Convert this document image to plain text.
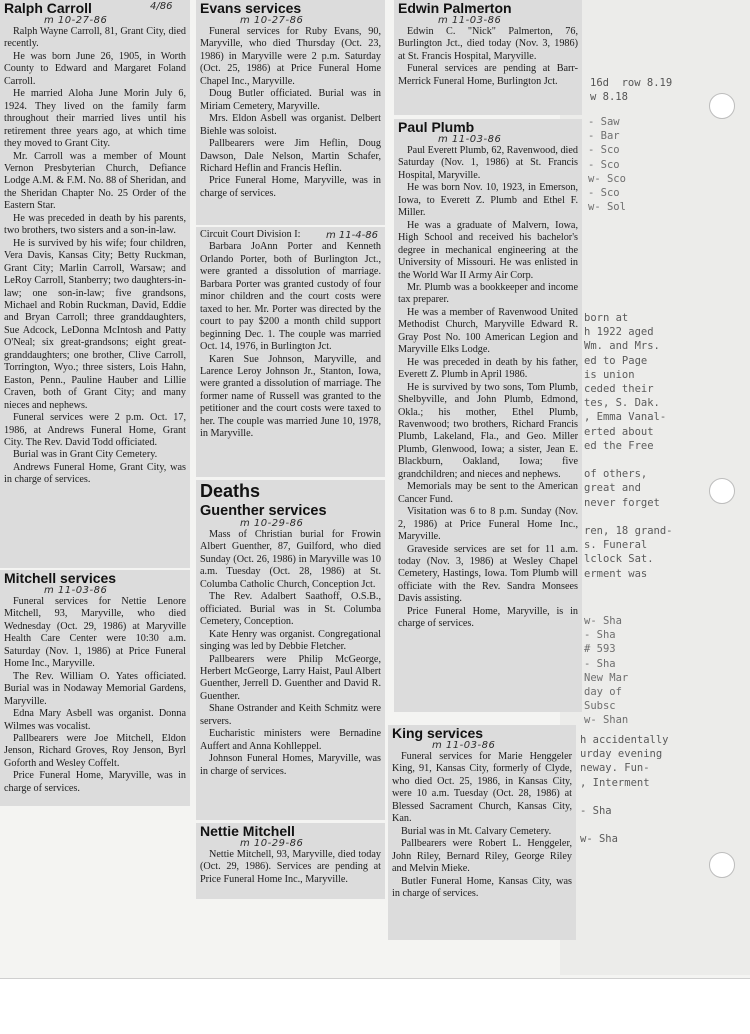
- Saw
- Bar
- Sco
- Sco
w- Sco
- Sco
w- Sol
born at
h 1922 aged
Wm. and Mrs.
ed to Page
is union
ceded their
tes, S. Dak.
, Emma Vanal-
erted about
ed the Free

of others,
great and
never forget

ren, 18 grand-
s. Funeral
lclock Sat.
erment was
w- Sha
- Sha
# 593
- Sha
New Mar
day of
Subsc
w- Shan
h accidentally
urday evening
neway. Fun-
, Interment

- Sha

w- Sha
16d  row 8.19
w 8.18
Ralph Carroll	4/86
m 10-27-86

Ralph Wayne Carroll, 81, Grant City, died recently.

He was born June 26, 1905, in Worth County to Edward and Margaret Foland Carroll.

He married Aloha June Morin July 6, 1924. They lived on the family farm throughout their married lives until his retirement three years ago, at which time they moved to Grant City.

Mr. Carroll was a member of Mount Vernon Presbyterian Church, Defiance Lodge A.M. & F.M. No. 88 of Sheridan, and the Sheridan Chapter No. 25 Order of the Eastern Star.

He was preceded in death by his parents, two brothers, two sisters and a son-in-law.

He is survived by his wife; four children, Vera Davis, Kansas City; Betty Ruckman, Grant City; Marlin Carroll, Warsaw; and LeRoy Carroll, Stanberry; two daughters-in-law; one son-in-law; five grandsons, Michael and Robin Ruckman, David, Eddie and Bryan Carroll; three granddaughters, Sue Adcock, LeDonna McIntosh and Patty O'Neal; six great-grandsons; eight great-granddaughters; one brother, Clive Carroll, Torrington, Wyo.; three sisters, Lois Hahn, Easton, Penn., Pauline Hauber and Lillie Craven, both of Grant City; and many nieces and nephews.

Funeral services were 2 p.m. Oct. 17, 1986, at Andrews Funeral Home, Grant City. The Rev. David Todd officiated.

Burial was in Grant City Cemetery.

Andrews Funeral Home, Grant City, was in charge of services.

Mitchell services
m 11-03-86

Funeral services for Nettie Lenore Mitchell, 93, Maryville, who died Wednesday (Oct. 29, 1986) at Maryville Health Care Center were 10:30 a.m. Saturday (Nov. 1, 1986) at Price Funeral Home Inc., Maryville.

The Rev. William O. Yates officiated. Burial was in Nodaway Memorial Gardens, Maryville.

Edna Mary Asbell was organist. Donna Wilmes was vocalist.

Pallbearers were Joe Mitchell, Eldon Jenson, Richard Groves, Roy Jenson, Byrl Goforth and Wesley Coffelt.

Price Funeral Home, Maryville, was in charge of services.

Evans services
m 10-27-86

Funeral services for Ruby Evans, 90, Maryville, who died Thursday (Oct. 23, 1986) in Maryville were 2 p.m. Saturday (Oct. 25, 1986) at Price Funeral Home Chapel Inc., Maryville.

Doug Butler officiated. Burial was in Miriam Cemetery, Maryville.

Mrs. Eldon Asbell was organist. Delbert Biehle was soloist.

Pallbearers were Jim Heflin, Doug Dawson, Dale Nelson, Martin Schafer, Richard Heflin and Francis Heflin.

Price Funeral Home, Maryville, was in charge of services.

Circuit Court Division I:	m 11-4-86

Barbara JoAnn Porter and Kenneth Orlando Porter, both of Burlington Jct., were granted a dissolution of marriage. Barbara Porter was granted custody of four minor children and the court costs were taxed to her. Mr. Porter was directed by the court to pay $200 a month child support beginning Dec. 1. The couple was married Oct. 14, 1976, in Burlington Jct.

Karen Sue Johnson, Maryville, and Larence Leroy Johnson Jr., Stanton, Iowa, were granted a dissolution of marriage. The former name of Russell was granted to the petitioner and the court costs were taxed to her. The couple was married June 10, 1978, in Maryville.

Deaths
Guenther services
m 10-29-86

Mass of Christian burial for Frowin Albert Guenther, 87, Guilford, who died Sunday (Oct. 26, 1986) in Maryville was 10 a.m. Tuesday (Oct. 28, 1986) at St. Columba Catholic Church, Conception Jct.

The Rev. Adalbert Saathoff, O.S.B., officiated. Burial was in St. Columba Cemetery, Conception.

Kate Henry was organist. Congregational singing was led by Debbie Fletcher.

Pallbearers were Philip McGeorge, Herbert McGeorge, Larry Haist, Paul Albert Guenther, Jerrell D. Guenther and David R. Guenther.

Shane Ostrander and Keith Schmitz were servers.

Eucharistic ministers were Bernadine Auffert and Anna Kohlleppel.

Johnson Funeral Homes, Maryville, was in charge of services.

Nettie Mitchell
m 10-29-86

Nettie Mitchell, 93, Maryville, died today (Oct. 29, 1986). Services are pending at Price Funeral Home Inc., Maryville.

Edwin Palmerton
m 11-03-86

Edwin C. "Nick" Palmerton, 76, Burlington Jct., died today (Nov. 3, 1986) at St. Francis Hospital, Maryville.

Funeral services are pending at Barr-Merrick Funeral Home, Burlington Jct.

Paul Plumb
m 11-03-86

Paul Everett Plumb, 62, Ravenwood, died Saturday (Nov. 1, 1986) at St. Francis Hospital, Maryville.

He was born Nov. 10, 1923, in Emerson, Iowa, to Everett Z. Plumb and Ethel F. Miller.

He was a graduate of Malvern, Iowa, High School and received his bachelor's degree in mechanical engineering at the University of Missouri. He was enlisted in the World War II Army Air Corp.

Mr. Plumb was a bookkeeper and income tax preparer.

He was a member of Ravenwood United Methodist Church, Maryville Edward R. Gray Post No. 100 American Legion and Maryville Elks Lodge.

He was preceded in death by his father, Everett Z. Plumb in April 1986.

He is survived by two sons, Tom Plumb, Shelbyville, and John Plumb, Edmond, Okla.; his mother, Ethel Plumb, Ravenwood; two brothers, Richard Francis Plumb, Lakeland, Fla., and Geo. Miller Plumb, Glenwood, Iowa; a sister, Jean E. Blackburn, Oakland, Iowa; five grandchildren; and nieces and nephews.

Memorials may be sent to the American Cancer Fund.

Visitation was 6 to 8 p.m. Sunday (Nov. 2, 1986) at Price Funeral Home Inc., Maryville.

Graveside services are set for 11 a.m. today (Nov. 3, 1986) at Wesley Chapel Cemetery, Hastings, Iowa. Tom Plumb will officiate with the Rev. Sandra Monsees Davis assisting.

Price Funeral Home, Maryville, is in charge of services.

King services
m 11-03-86

Funeral services for Marie Henggeler King, 91, Kansas City, formerly of Clyde, who died Oct. 25, 1986, in Kansas City, were 10 a.m. Tuesday (Oct. 28, 1986) at Blessed Sacrament Church, Kansas City, Kan.

Burial was in Mt. Calvary Cemetery.

Pallbearers were Robert L. Henggeler, John Riley, Bernard Riley, George Riley and Melvin Mieke.

Butler Funeral Home, Kansas City, was in charge of services.
